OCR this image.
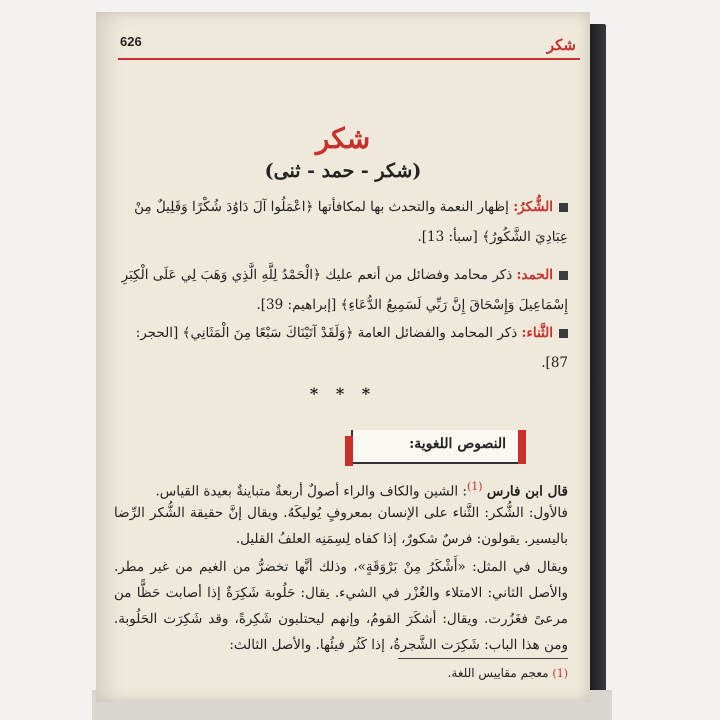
شكر
626
شكر
(شكر - حمد - ثنى)
الشُّكرُ: إظهار النعمة والتحدث بها لمكافأتها ﴿اعْمَلُوا آلَ دَاوُدَ شُكْرًا وَقَلِيلٌ مِنْ عِبَادِيَ الشَّكُورُ﴾ [سبأ: 13].
الحمد: ذكر محامد وفضائل من أنعم عليك ﴿الْحَمْدُ لِلَّهِ الَّذِي وَهَبَ لِي عَلَى الْكِبَرِ إِسْمَاعِيلَ وَإِسْحَاقَ إِنَّ رَبِّي لَسَمِيعُ الدُّعَاءِ﴾ [إبراهيم: 39].
الثَّناء: ذكر المحامد والفضائل العامة ﴿وَلَقَدْ آتَيْنَاكَ سَبْعًا مِنَ الْمَثَانِي﴾ [الحجر: 87].
* * *
النصوص اللغوية:
قال ابن فارس $^{(1)}$: الشين والكاف والراء أصولٌ أربعةٌ متباينةٌ بعيدة القياس.
فالأول: الشُّكر: الثَّناء على الإنسان بمعروفٍ يُوليكَهُ. ويقال إنَّ حقيقة الشُّكر الرِّضا باليسير. يقولون: فرسٌ شكورٌ، إذا كفاه لِسِمَنِه العلفُ القليل.
ويقال في المثل: «أَشْكَرُ مِنْ بَرْوَقَةٍ»، وذلك أنَّها تخضرُّ من الغيم من غير مطر. والأصل الثاني: الامتلاء والغُزْر في الشيء. يقال: حَلُوبة شَكِرَةٌ إذا أصابت حَظًّا من مرعىً فغَزُرت. ويقال: أشكَرَ القومُ، وإنهم ليحتلبون شَكِرةً، وقد شَكِرَت الحَلُوبة. ومن هذا الباب: شَكِرَت الشَّجرةُ، إذا كَثُر فيئُها. والأصل الثالث:
(1) معجم مقاييس اللغة.
